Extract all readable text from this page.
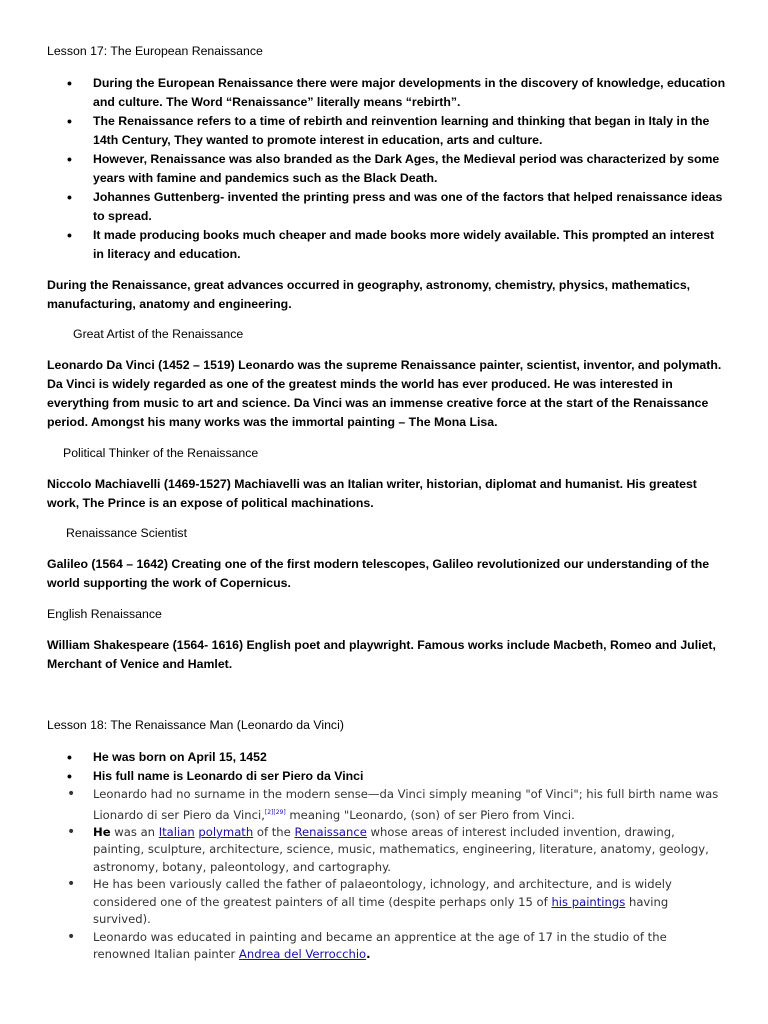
Lesson 17: The European Renaissance

• During the European Renaissance there were major developments in the discovery of knowledge, education and culture. The Word “Renaissance” literally means “rebirth”.
• The Renaissance refers to a time of rebirth and reinvention learning and thinking that began in Italy in the 14th Century, They wanted to promote interest in education, arts and culture.
• However, Renaissance was also branded as the Dark Ages, the Medieval period was characterized by some years with famine and pandemics such as the Black Death.
• Johannes Guttenberg- invented the printing press and was one of the factors that helped renaissance ideas to spread.
• It made producing books much cheaper and made books more widely available. This prompted an interest in literacy and education.

During the Renaissance, great advances occurred in geography, astronomy, chemistry, physics, mathematics,

manufacturing, anatomy and engineering.

Great Artist of the Renaissance

Leonardo Da Vinci (1452 – 1519) Leonardo was the supreme Renaissance painter, scientist, inventor, and polymath.

Da Vinci is widely regarded as one of the greatest minds the world has ever produced. He was interested in

everything from music to art and science. Da Vinci was an immense creative force at the start of the Renaissance

period. Amongst his many works was the immortal painting – The Mona Lisa.

Political Thinker of the Renaissance

Niccolo Machiavelli (1469-1527) Machiavelli was an Italian writer, historian, diplomat and humanist. His greatest

work, The Prince is an expose of political machinations.

Renaissance Scientist

Galileo (1564 – 1642) Creating one of the first modern telescopes, Galileo revolutionized our understanding of the

world supporting the work of Copernicus.

English Renaissance

William Shakespeare (1564- 1616) English poet and playwright. Famous works include Macbeth, Romeo and Juliet,

Merchant of Venice and Hamlet.

Lesson 18: The Renaissance Man (Leonardo da Vinci)

• He was born on April 15, 1452
• His full name is Leonardo di ser Piero da Vinci
• Leonardo had no surname in the modern sense—da Vinci simply meaning "of Vinci"; his full birth name was Lionardo di ser Piero da Vinci,[2][29] meaning "Leonardo, (son) of ser Piero from Vinci.
• He was an Italian polymath of the Renaissance whose areas of interest included invention, drawing, painting, sculpture, architecture, science, music, mathematics, engineering, literature, anatomy, geology, astronomy, botany, paleontology, and cartography.
• He has been variously called the father of palaeontology, ichnology, and architecture, and is widely considered one of the greatest painters of all time (despite perhaps only 15 of his paintings having survived).
• Leonardo was educated in painting and became an apprentice at the age of 17 in the studio of the renowned Italian painter Andrea del Verrocchio.
